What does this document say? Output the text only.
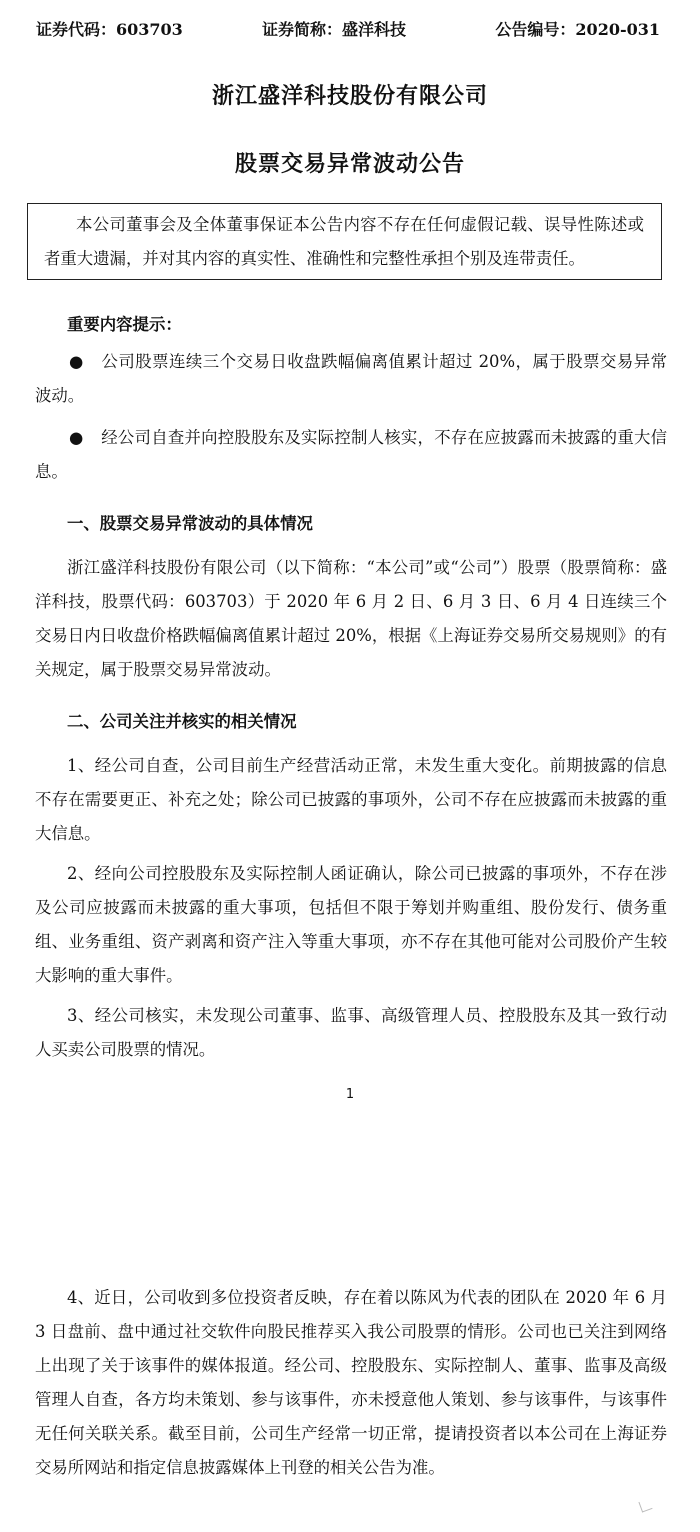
证券代码：603703	证券简称：盛洋科技	公告编号：2020-031
浙江盛洋科技股份有限公司
股票交易异常波动公告
本公司董事会及全体董事保证本公告内容不存在任何虚假记载、误导性陈述或者重大遗漏，并对其内容的真实性、准确性和完整性承担个别及连带责任。
重要内容提示：
● 公司股票连续三个交易日收盘跌幅偏离值累计超过 20%，属于股票交易异常波动。
● 经公司自查并向控股股东及实际控制人核实，不存在应披露而未披露的重大信息。
一、股票交易异常波动的具体情况
浙江盛洋科技股份有限公司（以下简称：“本公司”或“公司”）股票（股票简称：盛洋科技，股票代码：603703）于 2020 年 6 月 2 日、6 月 3 日、6 月 4 日连续三个交易日内日收盘价格跌幅偏离值累计超过 20%，根据《上海证券交易所交易规则》的有关规定，属于股票交易异常波动。
二、公司关注并核实的相关情况
1、经公司自查，公司目前生产经营活动正常，未发生重大变化。前期披露的信息不存在需要更正、补充之处；除公司已披露的事项外，公司不存在应披露而未披露的重大信息。
2、经向公司控股股东及实际控制人函证确认，除公司已披露的事项外，不存在涉及公司应披露而未披露的重大事项，包括但不限于筹划并购重组、股份发行、债务重组、业务重组、资产剥离和资产注入等重大事项，亦不存在其他可能对公司股价产生较大影响的重大事件。
3、经公司核实，未发现公司董事、监事、高级管理人员、控股股东及其一致行动人买卖公司股票的情况。
1
4、近日，公司收到多位投资者反映，存在着以陈风为代表的团队在 2020 年 6 月 3 日盘前、盘中通过社交软件向股民推荐买入我公司股票的情形。公司也已关注到网络上出现了关于该事件的媒体报道。经公司、控股股东、实际控制人、董事、监事及高级管理人自查，各方均未策划、参与该事件，亦未授意他人策划、参与该事件，与该事件无任何关联关系。截至目前，公司生产经常一切正常，提请投资者以本公司在上海证券交易所网站和指定信息披露媒体上刊登的相关公告为准。
